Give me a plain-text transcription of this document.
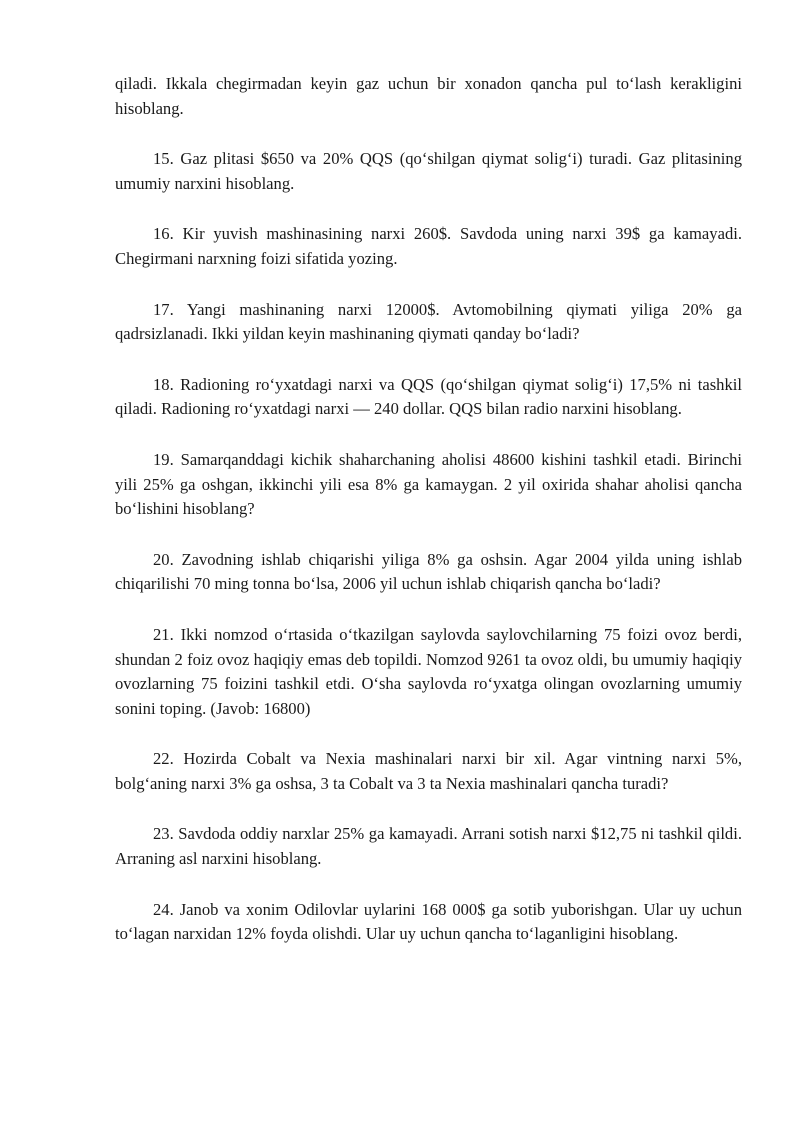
qiladi. Ikkala chegirmadan keyin gaz uchun bir xonadon qancha pul to‘lash kerakligini hisoblang.

15. Gaz plitasi $650 va 20% QQS (qo‘shilgan qiymat solig‘i) turadi. Gaz plitasining umumiy narxini hisoblang.

16. Kir yuvish mashinasining narxi 260$. Savdoda uning narxi 39$ ga kamayadi. Chegirmani narxning foizi sifatida yozing.

17. Yangi mashinaning narxi 12000$. Avtomobilning qiymati yiliga 20% ga qadrsizlanadi. Ikki yildan keyin mashinaning qiymati qanday bo‘ladi?

18. Radioning ro‘yxatdagi narxi va QQS (qo‘shilgan qiymat solig‘i) 17,5% ni tashkil qiladi. Radioning ro‘yxatdagi narxi — 240 dollar. QQS bilan radio narxini hisoblang.

19. Samarqanddagi kichik shaharchaning aholisi 48600 kishini tashkil etadi. Birinchi yili 25% ga oshgan, ikkinchi yili esa 8% ga kamaygan. 2 yil oxirida shahar aholisi qancha bo‘lishini hisoblang?

20. Zavodning ishlab chiqarishi yiliga 8% ga oshsin. Agar 2004 yilda uning ishlab chiqarilishi 70 ming tonna bo‘lsa, 2006 yil uchun ishlab chiqarish qancha bo‘ladi?

21. Ikki nomzod o‘rtasida o‘tkazilgan saylovda saylovchilarning 75 foizi ovoz berdi, shundan 2 foiz ovoz haqiqiy emas deb topildi. Nomzod 9261 ta ovoz oldi, bu umumiy haqiqiy ovozlarning 75 foizini tashkil etdi. O‘sha saylovda ro‘yxatga olingan ovozlarning umumiy sonini toping. (Javob: 16800)

22. Hozirda Cobalt va Nexia mashinalari narxi bir xil. Agar vintning narxi 5%, bolg‘aning narxi 3% ga oshsa, 3 ta Cobalt va 3 ta Nexia mashinalari qancha turadi?

23. Savdoda oddiy narxlar 25% ga kamayadi. Arrani sotish narxi $12,75 ni tashkil qildi. Arraning asl narxini hisoblang.

24. Janob va xonim Odilovlar uylarini 168 000$ ga sotib yuborishgan. Ular uy uchun to‘lagan narxidan 12% foyda olishdi. Ular uy uchun qancha to‘laganligini hisoblang.
